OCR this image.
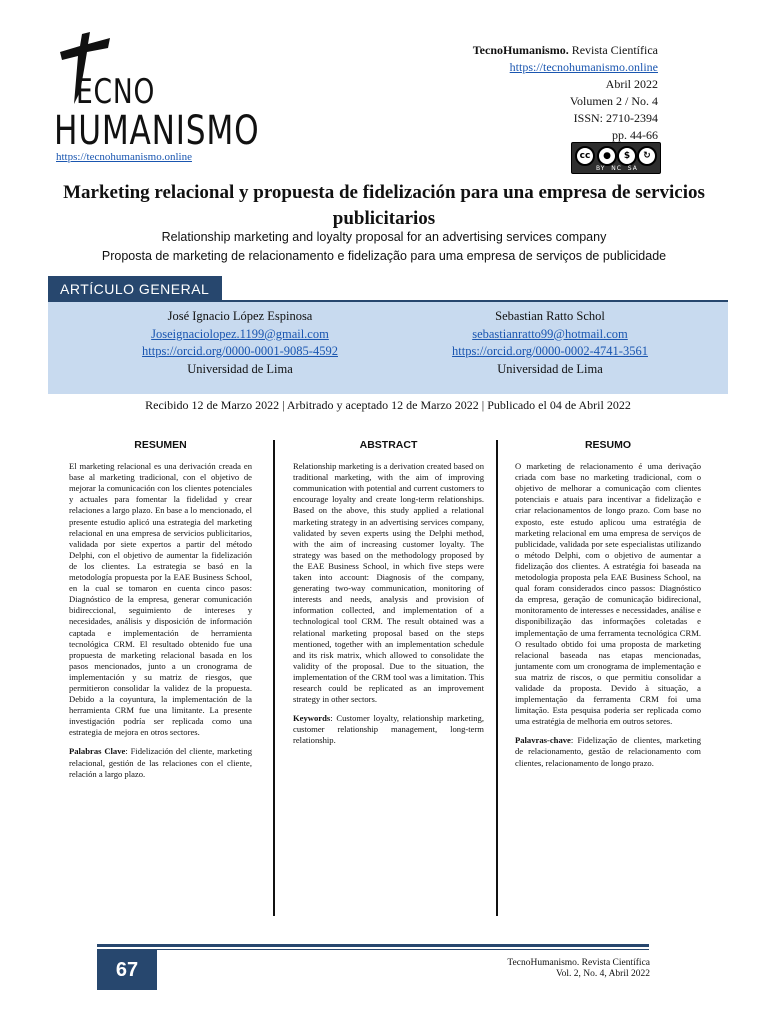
ECNO
HUMANISMO
https://tecnohumanismo.online
TecnoHumanismo. Revista Científica
https://tecnohumanismo.online
Abril 2022
Volumen 2 / No. 4
ISSN: 2710-2394
pp. 44-66
cc	●	$	↻
BY NC SA
Marketing relacional y propuesta de fidelización para una empresa de servicios publicitarios
Relationship marketing and loyalty proposal for an advertising services company
Proposta de marketing de relacionamento e fidelização para uma empresa de serviços de publicidade
ARTÍCULO GENERAL
José Ignacio López Espinosa
Joseignaciolopez.1199@gmail.com
https://orcid.org/0000-0001-9085-4592
Universidad de Lima
Sebastian Ratto Schol
sebastianratto99@hotmail.com
https://orcid.org/0000-0002-4741-3561
Universidad de Lima
Recibido 12 de Marzo 2022 | Arbitrado y aceptado 12 de Marzo 2022 | Publicado el 04 de Abril 2022
RESUMEN

El marketing relacional es una derivación creada en base al marketing tradicional, con el objetivo de mejorar la comunicación con los clientes potenciales y actuales para fomentar la fidelidad y crear relaciones a largo plazo. En base a lo mencionado, el presente estudio aplicó una estrategia del marketing relacional en una empresa de servicios publicitarios, validada por siete expertos a partir del método Delphi, con el objetivo de aumentar la fidelización de los clientes. La estrategia se basó en la metodología propuesta por la EAE Business School, en la cual se tomaron en cuenta cinco pasos: Diagnóstico de la empresa, generar comunicación bidireccional, seguimiento de intereses y necesidades, análisis y disposición de información captada e implementación de herramienta tecnológica CRM. El resultado obtenido fue una propuesta de marketing relacional basada en los pasos mencionados, junto a un cronograma de implementación y su matriz de riesgos, que permitieron consolidar la validez de la propuesta. Debido a la coyuntura, la implementación de la herramienta CRM fue una limitante. La presente investigación podría ser replicada como una estrategia de mejora en otros sectores.

Palabras Clave: Fidelización del cliente, marketing relacional, gestión de las relaciones con el cliente, relación a largo plazo.

ABSTRACT

Relationship marketing is a derivation created based on traditional marketing, with the aim of improving communication with potential and current customers to encourage loyalty and create long-term relationships. Based on the above, this study applied a relational marketing strategy in an advertising services company, validated by seven experts using the Delphi method, with the aim of increasing customer loyalty. The strategy was based on the methodology proposed by the EAE Business School, in which five steps were taken into account: Diagnosis of the company, generating two-way communication, monitoring of interests and needs, analysis and provision of information collected, and implementation of a technological tool CRM. The result obtained was a relational marketing proposal based on the steps mentioned, together with an implementation schedule and its risk matrix, which allowed to consolidate the validity of the proposal. Due to the situation, the implementation of the CRM tool was a limitation. This research could be replicated as an improvement strategy in other sectors.

Keywords: Customer loyalty, relationship marketing, customer relationship management, long-term relationship.

RESUMO

O marketing de relacionamento é uma derivação criada com base no marketing tradicional, com o objetivo de melhorar a comunicação com clientes potenciais e atuais para incentivar a fidelização e criar relacionamentos de longo prazo. Com base no exposto, este estudo aplicou uma estratégia de marketing relacional em uma empresa de serviços de publicidade, validada por sete especialistas utilizando o método Delphi, com o objetivo de aumentar a fidelização dos clientes. A estratégia foi baseada na metodologia proposta pela EAE Business School, na qual foram considerados cinco passos: Diagnóstico da empresa, geração de comunicação bidirecional, monitoramento de interesses e necessidades, análise e disponibilização das informações coletadas e implementação de uma ferramenta tecnológica CRM. O resultado obtido foi uma proposta de marketing relacional baseada nas etapas mencionadas, juntamente com um cronograma de implementação e sua matriz de riscos, o que permitiu consolidar a validade da proposta. Devido à situação, a implementação da ferramenta CRM foi uma limitação. Esta pesquisa poderia ser replicada como uma estratégia de melhoria em outros setores.

Palavras-chave: Fidelização de clientes, marketing de relacionamento, gestão de relacionamento com clientes, relacionamento de longo prazo.

67	TecnoHumanismo. Revista Científica
Vol. 2, No. 4, Abril 2022
